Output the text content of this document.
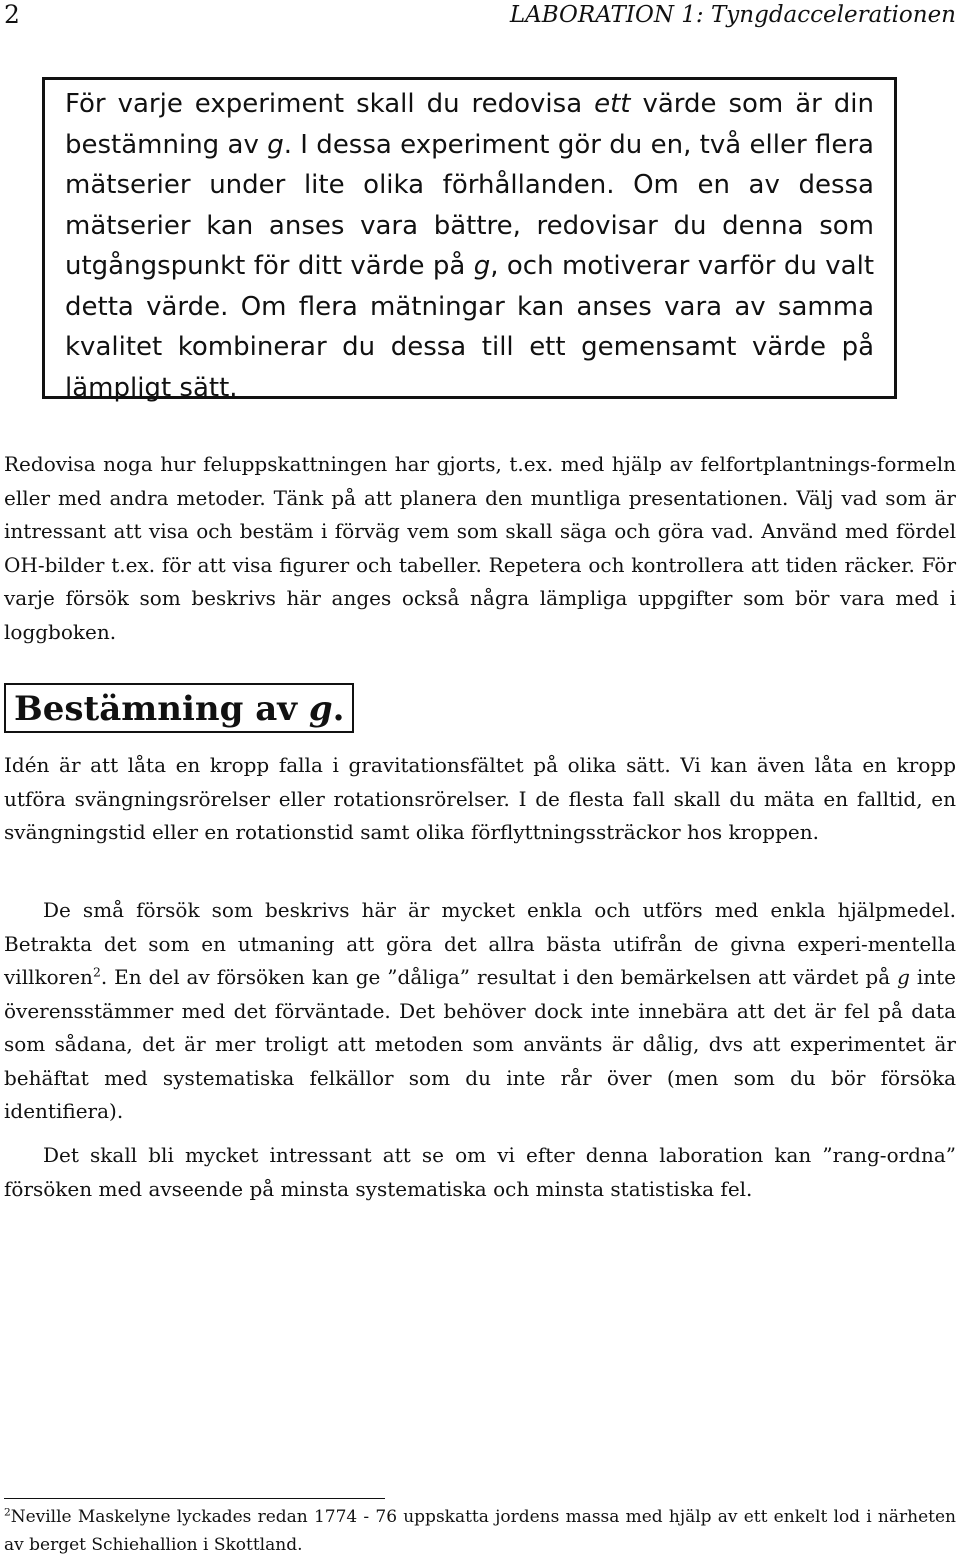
2	LABORATION 1: Tyngdaccelerationen
För varje experiment skall du redovisa ett värde som är din bestämning av g. I dessa experiment gör du en, två eller flera mätserier under lite olika förhållanden. Om en av dessa mätserier kan anses vara bättre, redovisar du denna som utgångspunkt för ditt värde på g, och motiverar varför du valt detta värde. Om flera mätningar kan anses vara av samma kvalitet kombinerar du dessa till ett gemensamt värde på lämpligt sätt.

Redovisa noga hur feluppskattningen har gjorts, t.ex. med hjälp av felfortplantnings-formeln eller med andra metoder. Tänk på att planera den muntliga presentationen. Välj vad som är intressant att visa och bestäm i förväg vem som skall säga och göra vad. Använd med fördel OH-bilder t.ex. för att visa figurer och tabeller. Repetera och kontrollera att tiden räcker. För varje försök som beskrivs här anges också några lämpliga uppgifter som bör vara med i loggboken.

Bestämning av g.

Idén är att låta en kropp falla i gravitationsfältet på olika sätt. Vi kan även låta en kropp utföra svängningsrörelser eller rotationsrörelser. I de flesta fall skall du mäta en falltid, en svängningstid eller en rotationstid samt olika förflyttningssträckor hos kroppen.

De små försök som beskrivs här är mycket enkla och utförs med enkla hjälpmedel. Betrakta det som en utmaning att göra det allra bästa utifrån de givna experi-mentella villkoren$^2$. En del av försöken kan ge ”dåliga” resultat i den bemärkelsen att värdet på g inte överensstämmer med det förväntade. Det behöver dock inte innebära att det är fel på data som sådana, det är mer troligt att metoden som använts är dålig, dvs att experimentet är behäftat med systematiska felkällor som du inte rår över (men som du bör försöka identifiera).

Det skall bli mycket intressant att se om vi efter denna laboration kan ”rang-ordna” försöken med avseende på minsta systematiska och minsta statistiska fel.

$^2$Neville Maskelyne lyckades redan 1774 - 76 uppskatta jordens massa med hjälp av ett enkelt lod i närheten av berget Schiehallion i Skottland.
